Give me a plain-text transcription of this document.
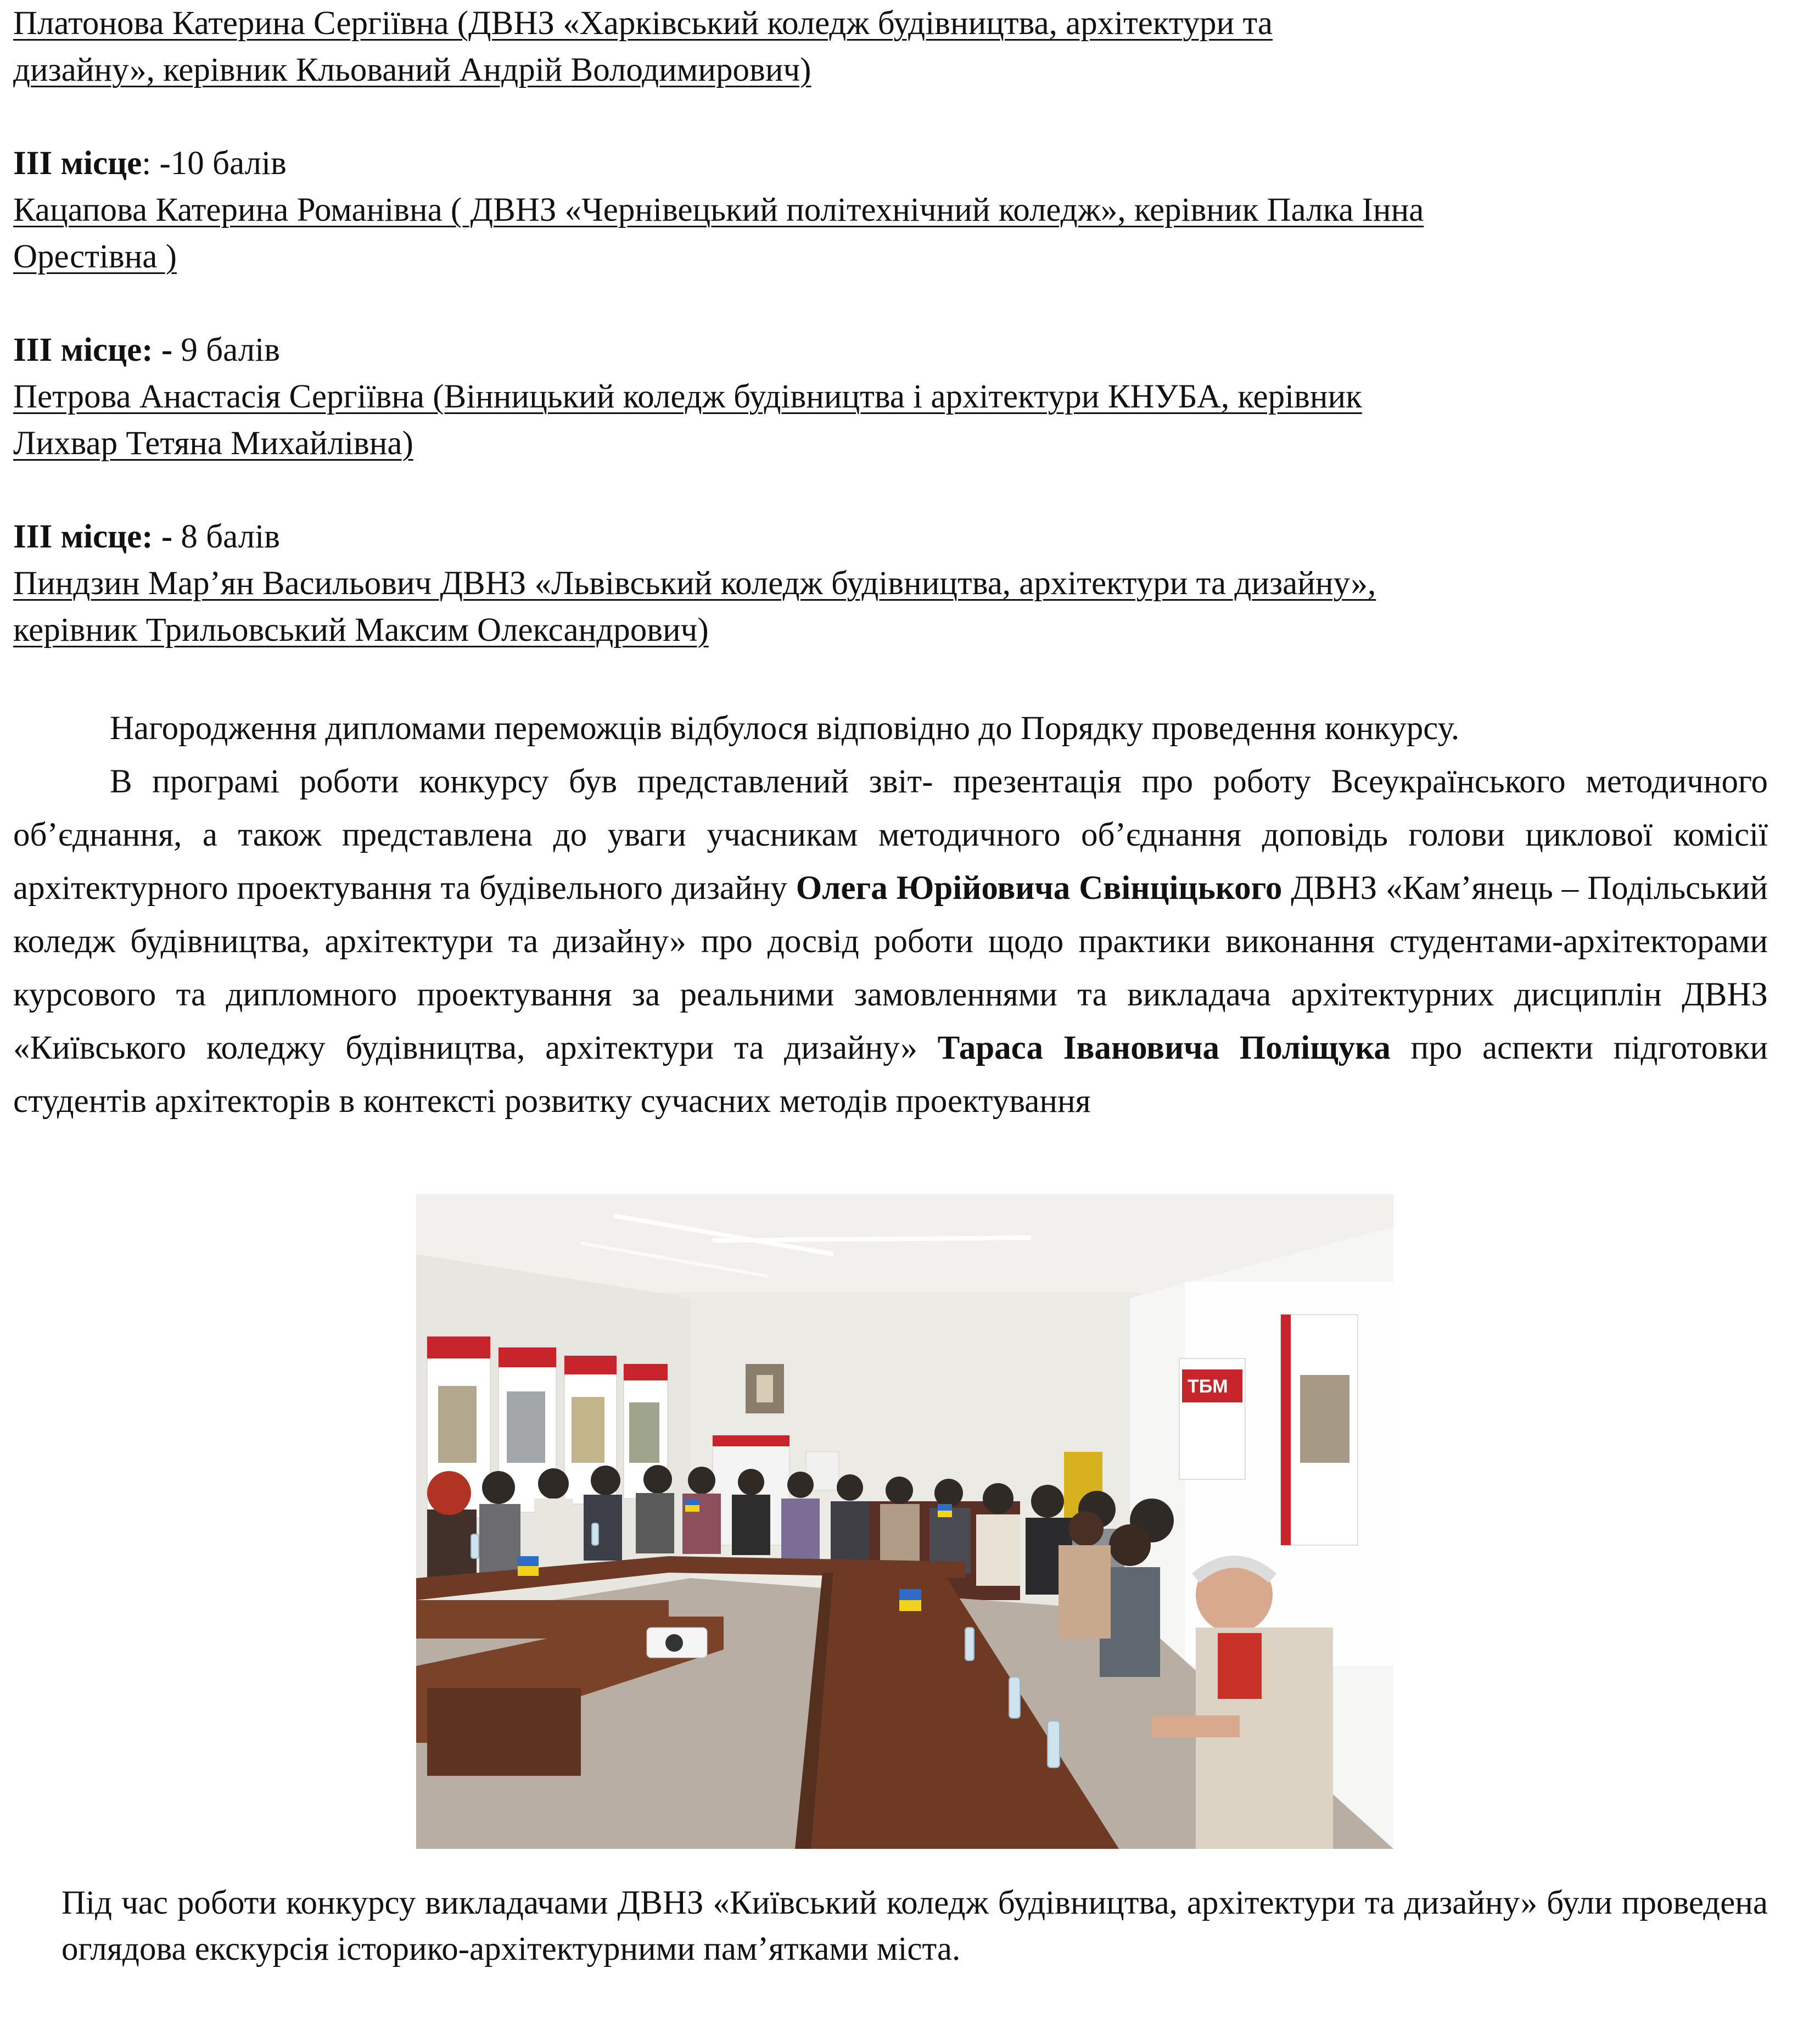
Платонова Катерина Сергіївна (ДВНЗ «Харківський коледж будівництва, архітектури та

дизайну», керівник Кльований Андрій Володимирович)

ІІІ місце: -10 балів

Кацапова Катерина Романівна ( ДВНЗ «Чернівецький політехнічний коледж», керівник Палка Інна

Орестівна )

ІІІ місце: - 9 балів

Петрова Анастасія Сергіївна (Вінницький коледж будівництва і архітектури КНУБА, керівник

Лихвар Тетяна Михайлівна)

ІІІ місце: - 8 балів

Пиндзин Мар’ян Васильович ДВНЗ «Львівський коледж будівництва, архітектури та дизайну»,

керівник Трильовський Максим Олександрович)

Нагородження дипломами переможців відбулося відповідно до Порядку проведення конкурсу.

В програмі роботи конкурсу був представлений звіт- презентація про роботу Всеукраїнського методичного об’єднання, а також представлена до уваги учасникам методичного об’єднання доповідь голови циклової комісії архітектурного проектування та будівельного дизайну Олега Юрійовича Свінціцького ДВНЗ «Кам’янець – Подільський коледж будівництва, архітектури та дизайну» про досвід роботи щодо практики виконання студентами-архітекторами курсового та дипломного проектування за реальними замовленнями та викладача архітектурних дисциплін ДВНЗ «Київського коледжу будівництва, архітектури та дизайну» Тараса Івановича Поліщука про аспекти підготовки студентів архітекторів в контексті розвитку сучасних методів проектування

ТБМ

Під час роботи конкурсу викладачами ДВНЗ «Київський коледж будівництва, архітектури та дизайну» були проведена оглядова екскурсія історико-архітектурними пам’ятками міста.
